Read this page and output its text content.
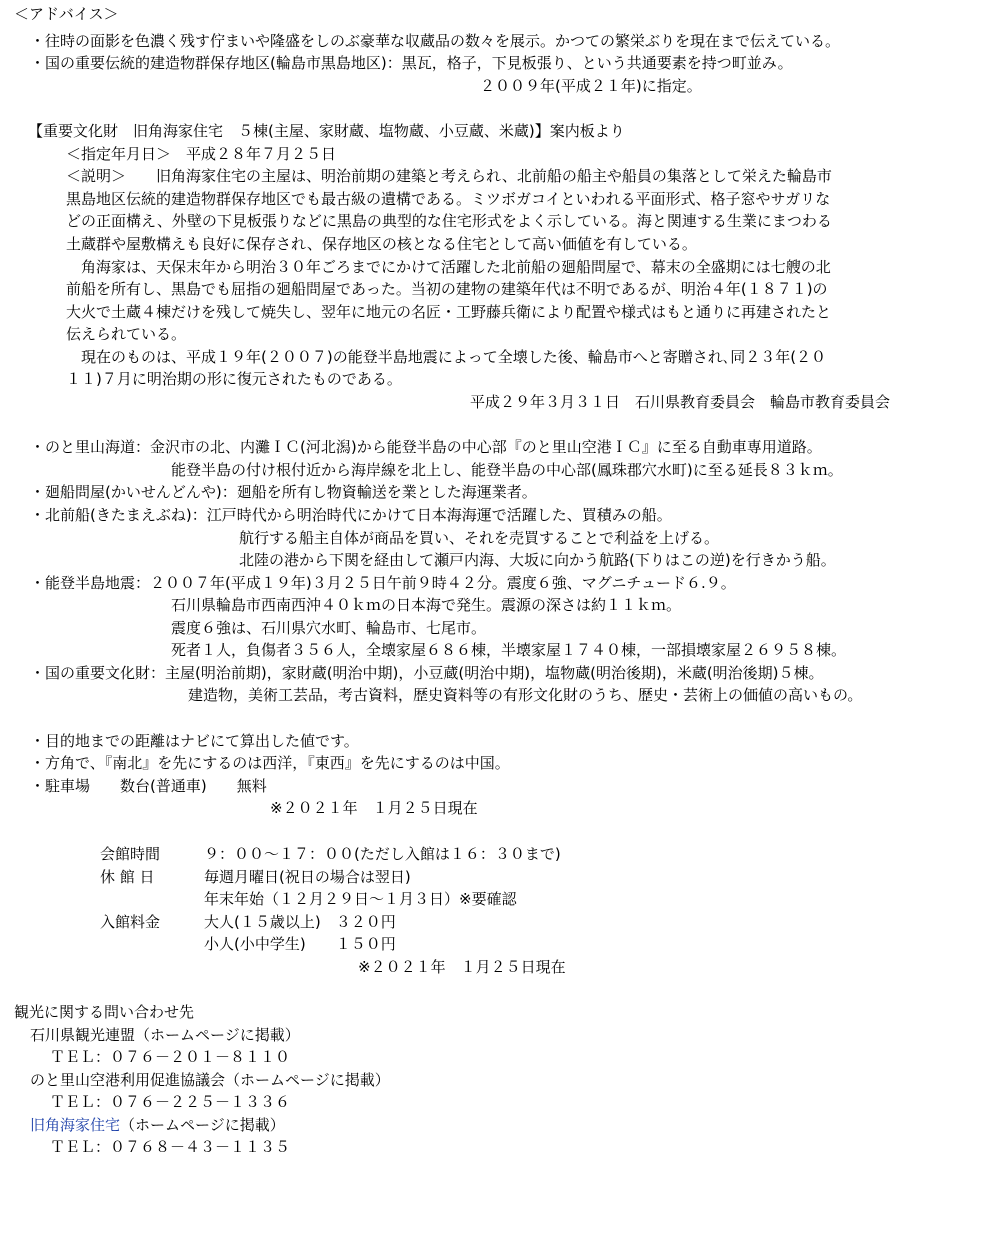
＜アドバイス＞
・往時の面影を色濃く残す佇まいや隆盛をしのぶ豪華な収蔵品の数々を展示。かつての繁栄ぶりを現在まで伝えている。
・国の重要伝統的建造物群保存地区(輪島市黒島地区)：黒瓦，格子，下見板張り、という共通要素を持つ町並み。
２００９年(平成２１年)に指定。
【重要文化財　旧角海家住宅　５棟(主屋、家財蔵、塩物蔵、小豆蔵、米蔵)】案内板より
＜指定年月日＞　平成２８年７月２５日
＜説明＞　　旧角海家住宅の主屋は、明治前期の建築と考えられ、北前船の船主や船員の集落として栄えた輪島市
黒島地区伝統的建造物群保存地区でも最古級の遺構である。ミツボガコイといわれる平面形式、格子窓やサガリな
どの正面構え、外壁の下見板張りなどに黒島の典型的な住宅形式をよく示している。海と関連する生業にまつわる
土蔵群や屋敷構えも良好に保存され、保存地区の核となる住宅として高い価値を有している。
　角海家は、天保末年から明治３０年ごろまでにかけて活躍した北前船の廻船問屋で、幕末の全盛期には七艘の北
前船を所有し、黒島でも屈指の廻船問屋であった。当初の建物の建築年代は不明であるが、明治４年(１８７１)の
大火で土蔵４棟だけを残して焼失し、翌年に地元の名匠・工野藤兵衛により配置や様式はもと通りに再建されたと
伝えられている。
　現在のものは、平成１９年(２００７)の能登半島地震によって全壊した後、輪島市へと寄贈され､同２３年(２０
１１)７月に明治期の形に復元されたものである。
平成２９年３月３１日　石川県教育委員会　輪島市教育委員会
・のと里山海道：金沢市の北、内灘ＩＣ(河北潟)から能登半島の中心部『のと里山空港ＩＣ』に至る自動車専用道路。
能登半島の付け根付近から海岸線を北上し、能登半島の中心部(鳳珠郡穴水町)に至る延長８３ｋｍ。
・廻船問屋(かいせんどんや)：廻船を所有し物資輸送を業とした海運業者。
・北前船(きたまえぶね)：江戸時代から明治時代にかけて日本海海運で活躍した、買積みの船。
航行する船主自体が商品を買い、それを売買することで利益を上げる。
北陸の港から下関を経由して瀬戸内海、大坂に向かう航路(下りはこの逆)を行きかう船。
・能登半島地震：２００７年(平成１９年)３月２５日午前９時４２分。震度６強、マグニチュード６.９。
石川県輪島市西南西沖４０ｋｍの日本海で発生。震源の深さは約１１ｋｍ。
震度６強は、石川県穴水町、輪島市、七尾市。
死者１人，負傷者３５６人，全壊家屋６８６棟，半壊家屋１７４０棟，一部損壊家屋２６９５８棟。
・国の重要文化財：主屋(明治前期)，家財蔵(明治中期)，小豆蔵(明治中期)，塩物蔵(明治後期)，米蔵(明治後期)５棟。
建造物，美術工芸品，考古資料，歴史資料等の有形文化財のうち、歴史・芸術上の価値の高いもの。
・目的地までの距離はナビにて算出した値です。
・方角で、『南北』を先にするのは西洋，『東西』を先にするのは中国。
・駐車場　　数台(普通車)　　無料
※２０２１年　１月２５日現在
会館時間	９：００～１７：００(ただし入館は１６：３０まで)
休 館 日	毎週月曜日(祝日の場合は翌日)
年末年始（１２月２９日～１月３日）※要確認
入館料金	大人(１５歳以上)　３２０円
小人(小中学生)　　１５０円
※２０２１年　１月２５日現在
観光に関する問い合わせ先
石川県観光連盟（ホームページに掲載）
ＴＥＬ：０７６－２０１－８１１０
のと里山空港利用促進協議会（ホームページに掲載）
ＴＥＬ：０７６－２２５－１３３６
旧角海家住宅（ホームページに掲載）
ＴＥＬ：０７６８－４３－１１３５
